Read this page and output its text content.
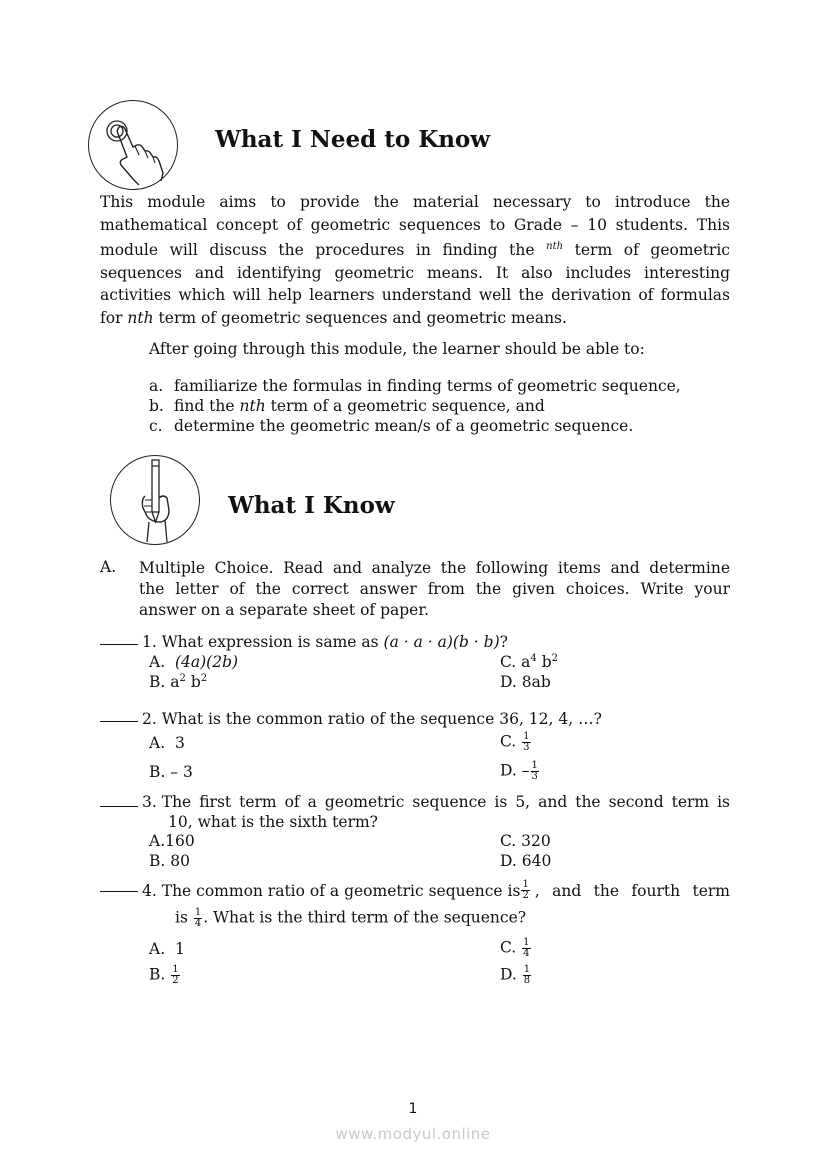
What I Need to Know
This module aims to provide the material necessary to introduce the
mathematical concept of geometric sequences to Grade – 10 students. This
module will discuss the procedures in finding the $^{nth}$ term of geometric
sequences and identifying geometric means. It also includes interesting
activities which will help learners understand well the derivation of formulas
for nth term of geometric sequences and geometric means.
After going through this module, the learner should be able to:
a. familiarize the formulas in finding terms of geometric sequence,
b. find the nth term of a geometric sequence, and
c. determine the geometric mean/s of a geometric sequence.
What I Know
A. Multiple Choice. Read and analyze the following items and determine
the letter of the correct answer from the given choices. Write your
answer on a separate sheet of paper.
1. What expression is same as (a · a · a)(b · b)?
A. (4a)(2b)	C. $a^4$ $b^2$
B. $a^2$ $b^2$	D. 8ab
2. What is the common ratio of the sequence 36, 12, 4, …?
A. 3	C. $\frac{1}{3}$
B. – 3	D. – $\frac{1}{3}$
3.
The first term of a geometric sequence is 5, and the second term is
10, what is the sixth term?
A.160	C. 320
B. 80	D. 640
4.
The common ratio of a geometric sequence is $\frac{1}{2}$ , and the fourth term
is $\frac{1}{4}$ . What is the third term of the sequence?
A. 1	C. $\frac{1}{4}$
B. $\frac{1}{2}$	D. $\frac{1}{8}$
1
www.modyul.online
